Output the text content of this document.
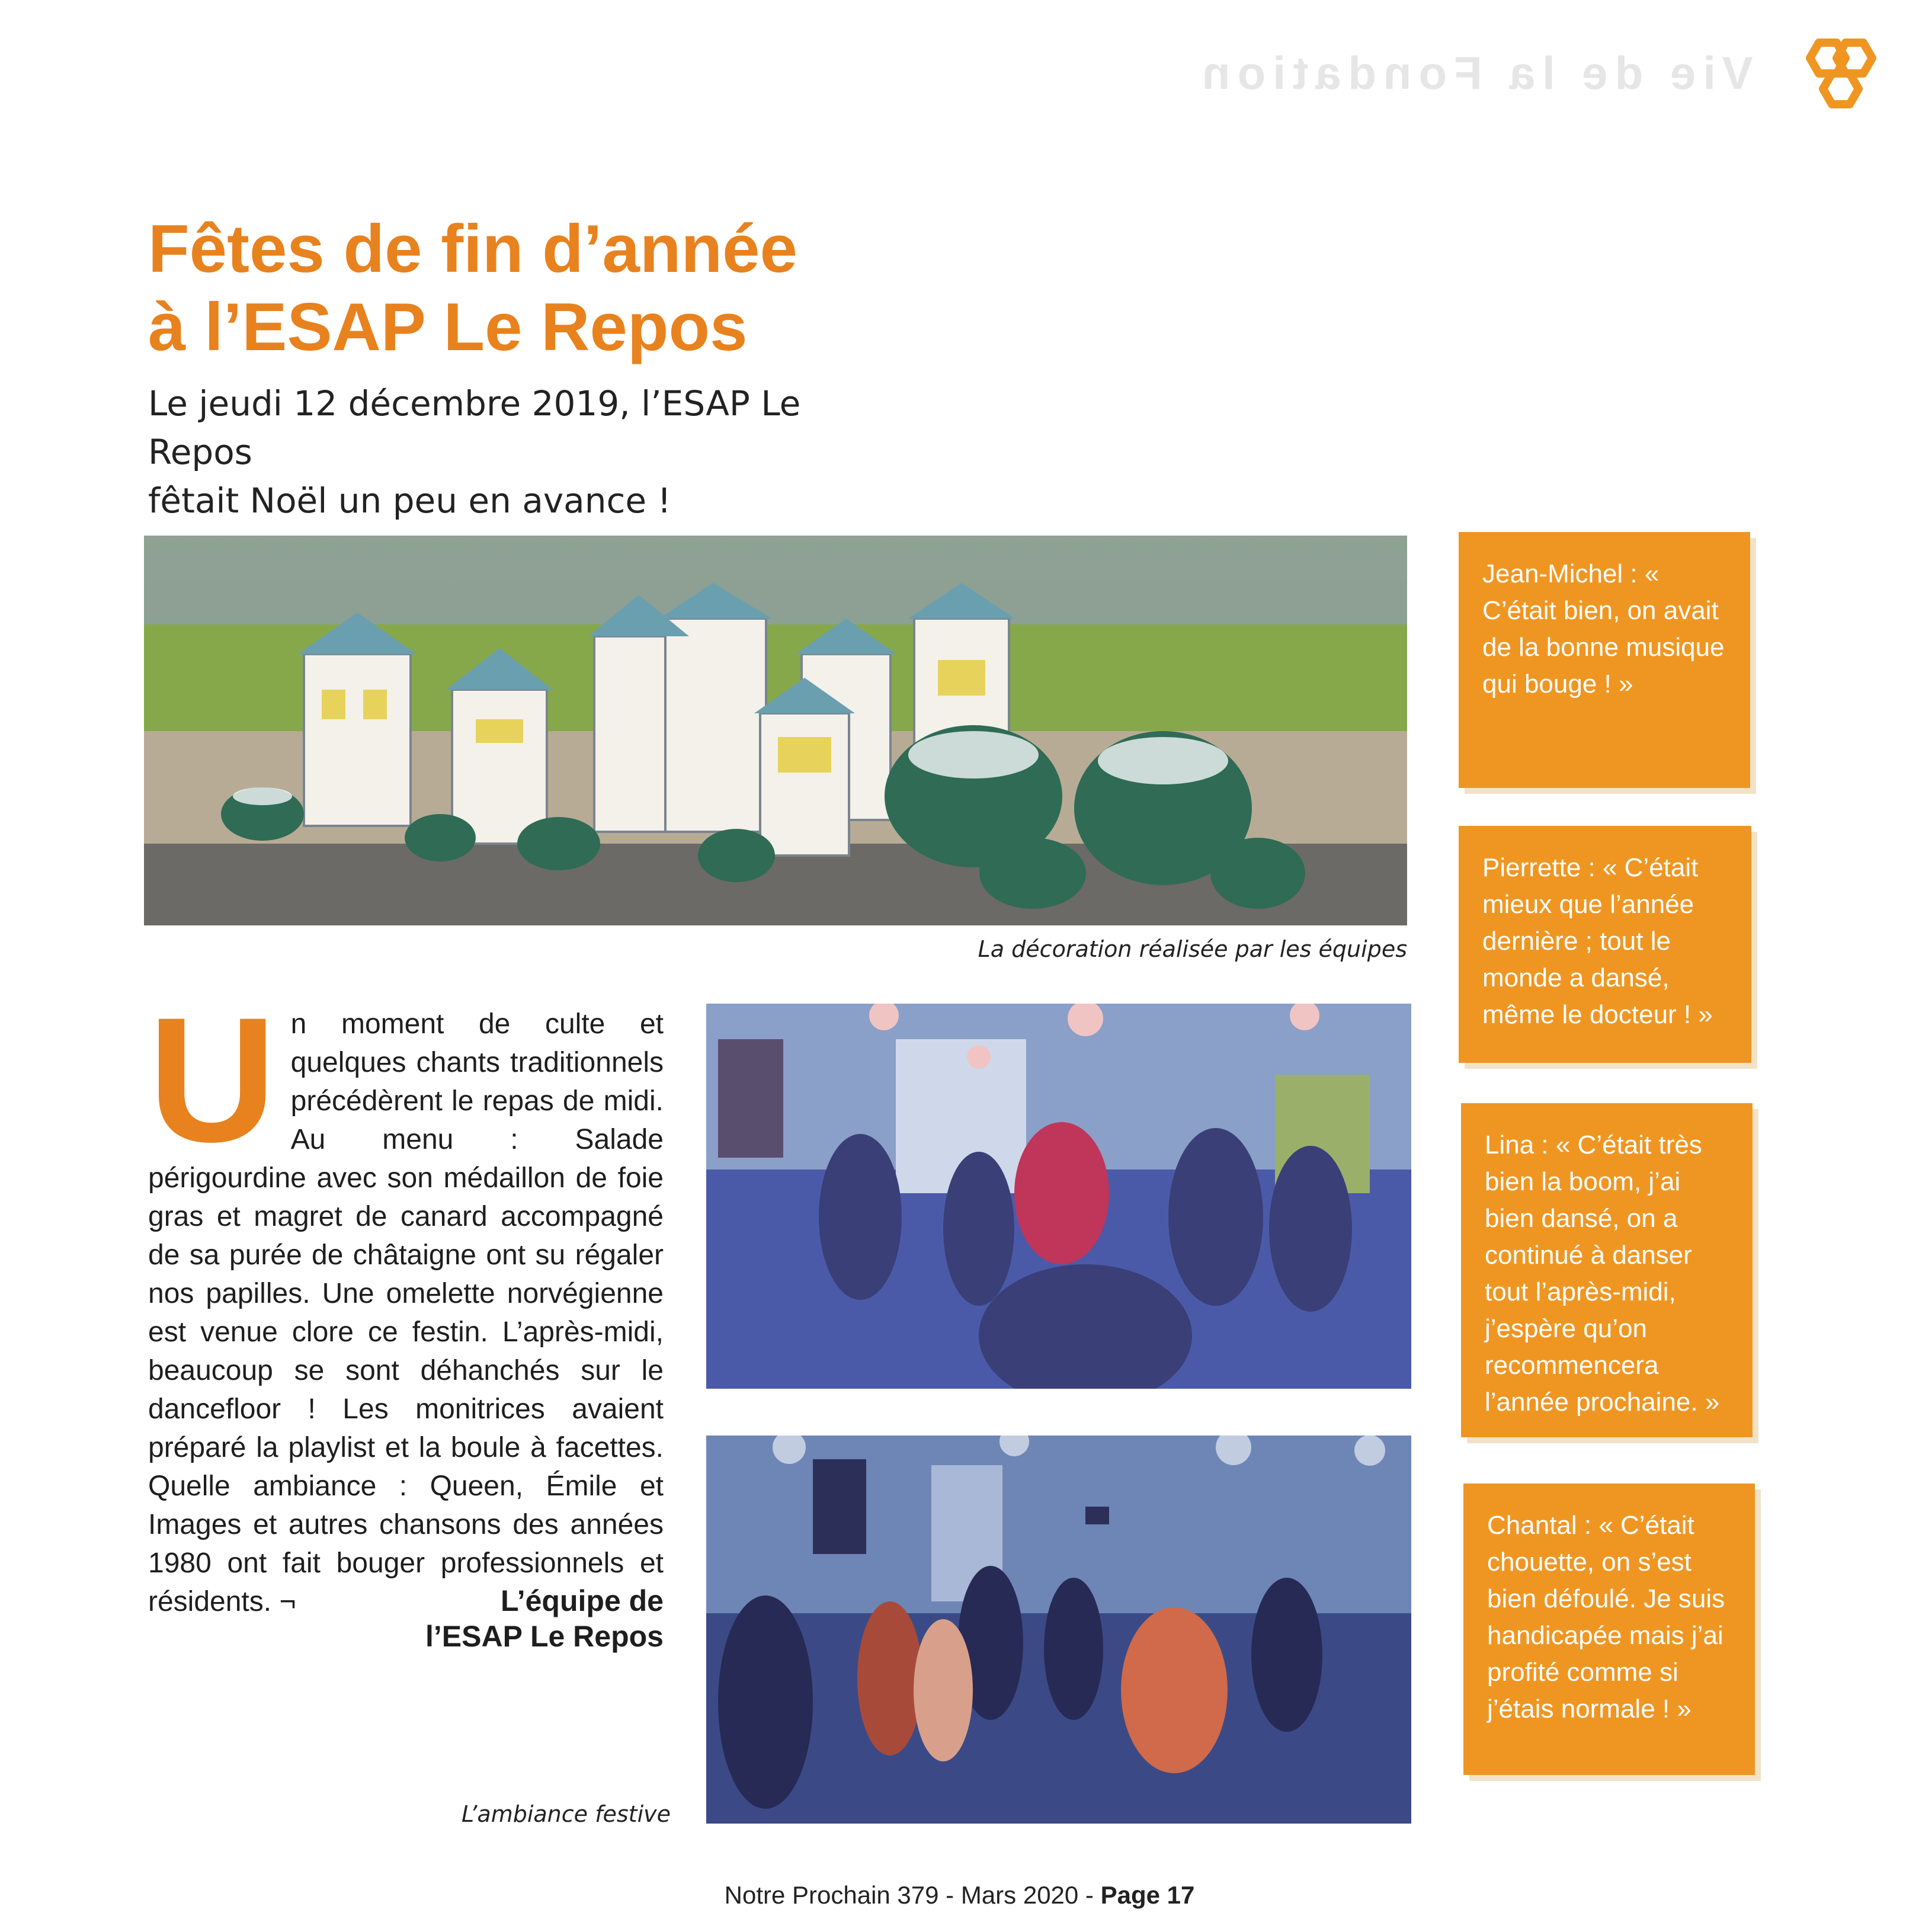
Vie de la Fondation
Fêtes de fin d’année
à l’ESAP Le Repos
Le jeudi 12 décembre 2019, l’ESAP Le Repos
fêtait Noël un peu en avance !
La décoration réalisée par les équipes
Un moment de culte et quelques chants traditionnels précédèrent le repas de midi. Au menu : Salade périgourdine avec son médaillon de foie gras et magret de canard accompagné de sa purée de châtaigne ont su régaler nos papilles. Une omelette norvégienne est venue clore ce festin. L’après-midi, beaucoup se sont déhanchés sur le dancefloor ! Les monitrices avaient préparé la playlist et la boule à facettes. Quelle ambiance : Queen, Émile et Images et autres chansons des années 1980 ont fait bouger professionnels et résidents. ¬	L’équipe de
l’ESAP Le Repos
L’ambiance festive
Jean-Michel : « C’était bien, on avait de la bonne musique qui bouge ! »
Pierrette : « C’était mieux que l’année dernière ; tout le monde a dansé, même le docteur ! »
Lina : « C’était très bien la boom, j’ai bien dansé, on a continué à danser tout l’après-midi, j’espère qu’on recommencera l’année prochaine. »
Chantal : « C’était chouette, on s’est bien défoulé. Je suis handicapée mais j’ai profité comme si j’étais normale ! »
Notre Prochain 379 - Mars 2020 - Page 17
